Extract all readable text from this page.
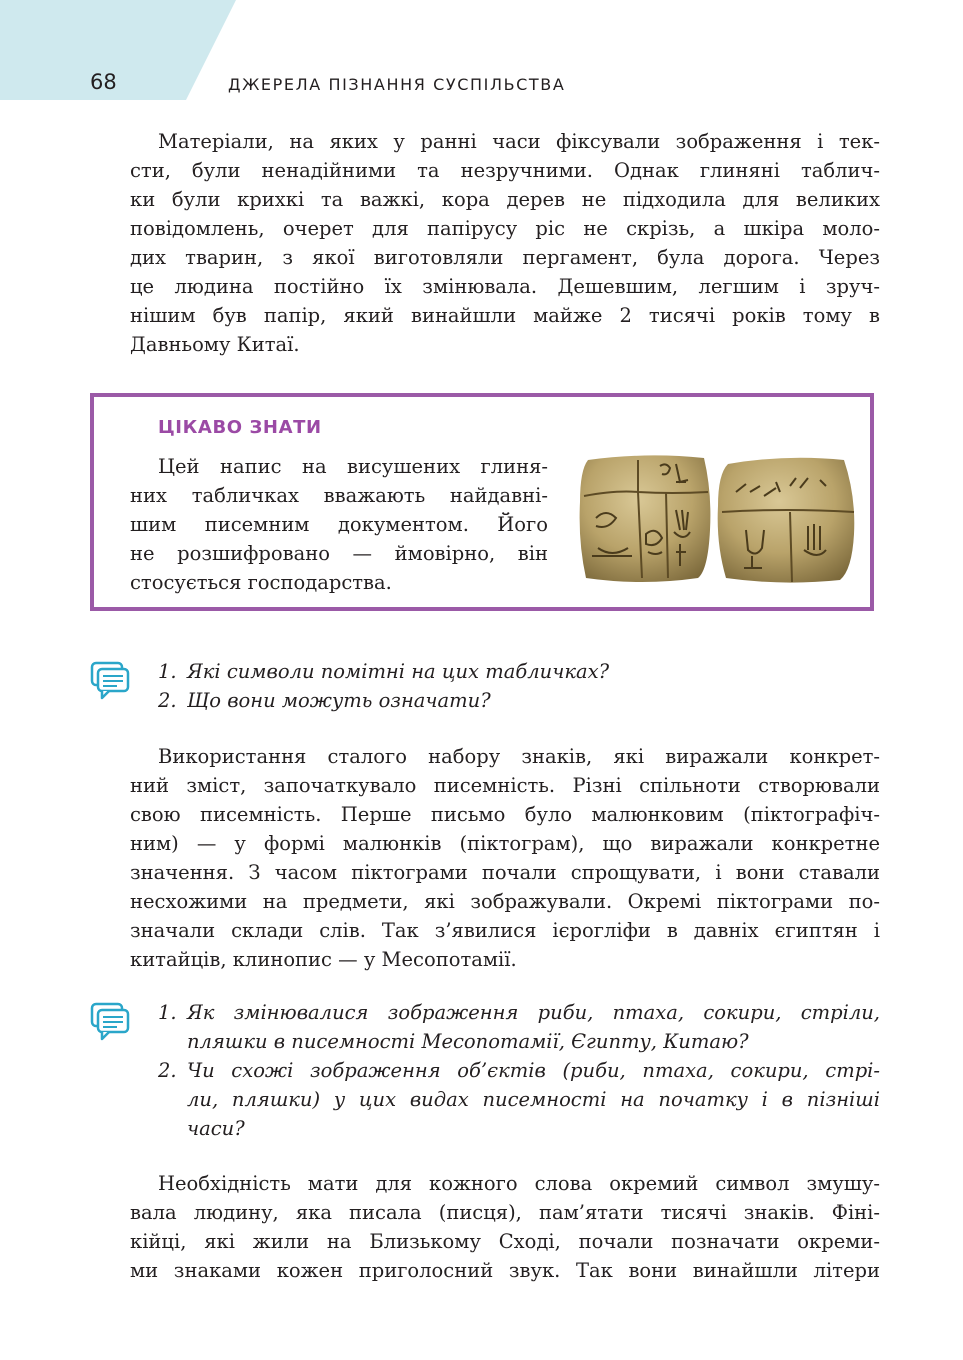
68	ДЖЕРЕЛА ПІЗНАННЯ СУСПІЛЬСТВА
Матеріали, на яких у ранні часи фіксували зображення і тек-
сти, були ненадійними та незручними. Однак глиняні таблич-
ки були крихкі та важкі, кора дерев не підходила для великих
повідомлень, очерет для папірусу ріс не скрізь, а шкіра моло-
дих тварин, з якої виготовляли пергамент, була дорога. Через
це людина постійно їх змінювала. Дешевшим, легшим і зруч-
нішим був папір, який винайшли майже 2 тисячі років тому в
Давньому Китаї.
ЦІКАВО ЗНАТИ
Цей напис на висушених глиня-
них табличках вважають найдавні-
шим писемним документом. Його
не розшифровано — ймовірно, він
стосується господарства.
1. Які символи помітні на цих табличках?
2. Що вони можуть означати?
Використання сталого набору знаків, які виражали конкрет-
ний зміст, започаткувало писемність. Різні спільноти створювали
свою писемність. Перше письмо було малюнковим (піктографіч-
ним) — у формі малюнків (піктограм), що виражали конкретне
значення. З часом піктограми почали спрощувати, і вони ставали
несхожими на предмети, які зображували. Окремі піктограми по-
значали склади слів. Так з’явилися ієрогліфи в давніх єгиптян і
китайців, клинопис — у Месопотамії.
1. Як змінювалися зображення риби, птаха, сокири, стріли,
пляшки в писемності Месопотамії, Єгипту, Китаю?
2. Чи схожі зображення об’єктів (риби, птаха, сокири, стрі-
ли, пляшки) у цих видах писемності на початку і в пізніші
часи?
Необхідність мати для кожного слова окремий символ змушу-
вала людину, яка писала (писця), пам’ятати тисячі знаків. Фіні-
кійці, які жили на Близькому Сході, почали позначати окреми-
ми знаками кожен приголосний звук. Так вони винайшли літери
